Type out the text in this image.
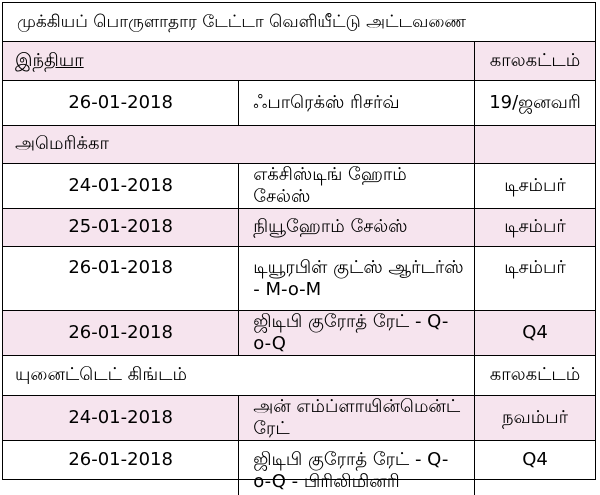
முக்கியப் பொருளாதார டேட்டா வெளியீட்டு அட்டவணை
இந்தியா		காலகட்டம்
26-01-2018	ஃபாரெக்ஸ் ரிசர்வ்	19/ஜனவரி
அமெரிக்கா		
24-01-2018	எக்சிஸ்டிங் ஹோம் சேல்ஸ்	டிசம்பர்
25-01-2018	நியூஹோம் சேல்ஸ்	டிசம்பர்
26-01-2018	டியூரபிள் குட்ஸ் ஆர்டர்ஸ் - M-o-M	டிசம்பர்
26-01-2018	ஜிடிபி குரோத் ரேட் - Q-o-Q	Q4
யுனைட்டெட் கிங்டம்		காலகட்டம்
24-01-2018	அன் எம்ப்ளாயின்மென்ட் ரேட்	நவம்பர்
26-01-2018	ஜிடிபி குரோத் ரேட் - Q-o-Q - பிரிலிமினரி	Q4
